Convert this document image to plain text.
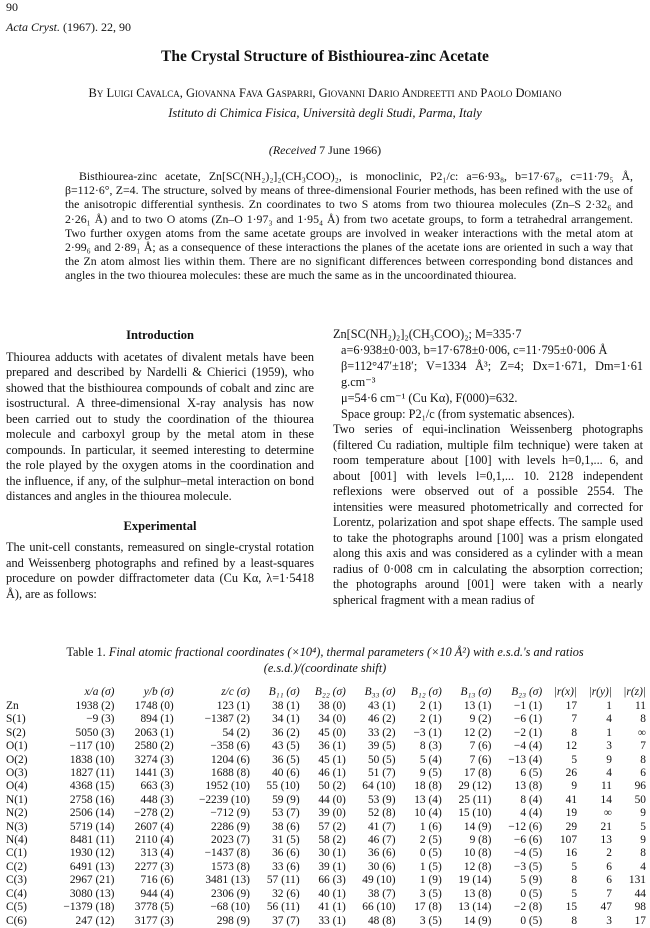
90
Acta Cryst. (1967). 22, 90
The Crystal Structure of Bisthiourea-zinc Acetate
By Luigi Cavalca, Giovanna Fava Gasparri, Giovanni Dario Andreetti and Paolo Domiano
Istituto di Chimica Fisica, Università degli Studi, Parma, Italy
(Received 7 June 1966)
Bisthiourea-zinc acetate, Zn[SC(NH₂)₂]₂(CH₃COO)₂, is monoclinic, P2₁/c: a=6·93₈, b=17·67₈, c=11·79₅ Å, β=112·6°, Z=4. The structure, solved by means of three-dimensional Fourier methods, has been refined with the use of the anisotropic differential synthesis. Zn coordinates to two S atoms from two thiourea molecules (Zn–S 2·32₆ and 2·26₁ Å) and to two O atoms (Zn–O 1·97₃ and 1·95₄ Å) from two acetate groups, to form a tetrahedral arrangement. Two further oxygen atoms from the same acetate groups are involved in weaker interactions with the metal atom at 2·99₆ and 2·89₁ Å; as a consequence of these interactions the planes of the acetate ions are oriented in such a way that the Zn atom almost lies within them. There are no significant differences between corresponding bond distances and angles in the two thiourea molecules: these are much the same as in the uncoordinated thiourea.
Introduction

Thiourea adducts with acetates of divalent metals have been prepared and described by Nardelli & Chierici (1959), who showed that the bisthiourea compounds of cobalt and zinc are isostructural. A three-dimensional X-ray analysis has now been carried out to study the coordination of the thiourea molecule and carboxyl group by the metal atom in these compounds. In particular, it seemed interesting to determine the role played by the oxygen atoms in the coordination and the influence, if any, of the sulphur–metal interaction on bond distances and angles in the thiourea molecule.

Experimental

The unit-cell constants, remeasured on single-crystal rotation and Weissenberg photographs and refined by a least-squares procedure on powder diffractometer data (Cu Kα, λ=1·5418 Å), are as follows:

Zn[SC(NH₂)₂]₂(CH₃COO)₂; M=335·7

a=6·938±0·003, b=17·678±0·006, c=11·795±0·006 Å

β=112°47′±18′; V=1334 Å³; Z=4; Dx=1·671, Dm=1·61 g.cm⁻³

μ=54·6 cm⁻¹ (Cu Kα), F(000)=632.

Space group: P2₁/c (from systematic absences).

Two series of equi-inclination Weissenberg photographs (filtered Cu radiation, multiple film technique) were taken at room temperature about [100] with levels h=0,1,... 6, and about [001] with levels l=0,1,... 10. 2128 independent reflexions were observed out of a possible 2554. The intensities were measured photometrically and corrected for Lorentz, polarization and spot shape effects. The sample used to take the photographs around [100] was a prism elongated along this axis and was considered as a cylinder with a mean radius of 0·008 cm in calculating the absorption correction; the photographs around [001] were taken with a nearly spherical fragment with a mean radius of

Table 1. Final atomic fractional coordinates (×10⁴), thermal parameters (×10 Å²) with e.s.d.'s and ratios (e.s.d.)/(coordinate shift)
	x/a (σ)	y/b (σ)	z/c (σ)	B₁₁ (σ)	B₂₂ (σ)	B₃₃ (σ)	B₁₂ (σ)	B₁₃ (σ)	B₂₃ (σ)	|r(x)|	|r(y)|	|r(z)|
Zn	1938 (2)	1748 (0)	123 (1)	38 (1)	38 (0)	43 (1)	2 (1)	13 (1)	−1 (1)	17	1	11
S(1)	−9 (3)	894 (1)	−1387 (2)	34 (1)	34 (0)	46 (2)	2 (1)	9 (2)	−6 (1)	7	4	8
S(2)	5050 (3)	2063 (1)	54 (2)	36 (2)	45 (0)	33 (2)	−3 (1)	12 (2)	−2 (1)	8	1	∞
O(1)	−117 (10)	2580 (2)	−358 (6)	43 (5)	36 (1)	39 (5)	8 (3)	7 (6)	−4 (4)	12	3	7
O(2)	1838 (10)	3274 (3)	1204 (6)	36 (5)	45 (1)	50 (5)	5 (4)	7 (6)	−13 (4)	5	9	8
O(3)	1827 (11)	1441 (3)	1688 (8)	40 (6)	46 (1)	51 (7)	9 (5)	17 (8)	6 (5)	26	4	6
O(4)	4368 (15)	663 (3)	1952 (10)	55 (10)	50 (2)	64 (10)	18 (8)	29 (12)	13 (8)	9	11	96
N(1)	2758 (16)	448 (3)	−2239 (10)	59 (9)	44 (0)	53 (9)	13 (4)	25 (11)	8 (4)	41	14	50
N(2)	2506 (14)	−278 (2)	−712 (9)	53 (7)	39 (0)	52 (8)	10 (4)	15 (10)	4 (4)	19	∞	9
N(3)	5719 (14)	2607 (4)	2286 (9)	38 (6)	57 (2)	41 (7)	1 (6)	14 (9)	−12 (6)	29	21	5
N(4)	8481 (11)	2110 (4)	2023 (7)	31 (5)	58 (2)	46 (7)	2 (5)	9 (8)	−6 (6)	107	13	9
C(1)	1930 (12)	313 (4)	−1437 (8)	36 (6)	30 (1)	36 (6)	0 (5)	10 (8)	−4 (5)	16	2	8
C(2)	6491 (13)	2277 (3)	1573 (8)	33 (6)	39 (1)	30 (6)	1 (5)	12 (8)	−3 (5)	5	6	4
C(3)	2967 (21)	716 (6)	3481 (13)	57 (11)	66 (3)	49 (10)	1 (9)	19 (14)	5 (9)	8	6	131
C(4)	3080 (13)	944 (4)	2306 (9)	32 (6)	40 (1)	38 (7)	3 (5)	13 (8)	0 (5)	5	7	44
C(5)	−1379 (18)	3778 (5)	−68 (10)	56 (11)	41 (1)	66 (10)	17 (8)	13 (14)	−2 (8)	15	47	98
C(6)	247 (12)	3177 (3)	298 (9)	37 (7)	33 (1)	48 (8)	3 (5)	14 (9)	0 (5)	8	3	17
